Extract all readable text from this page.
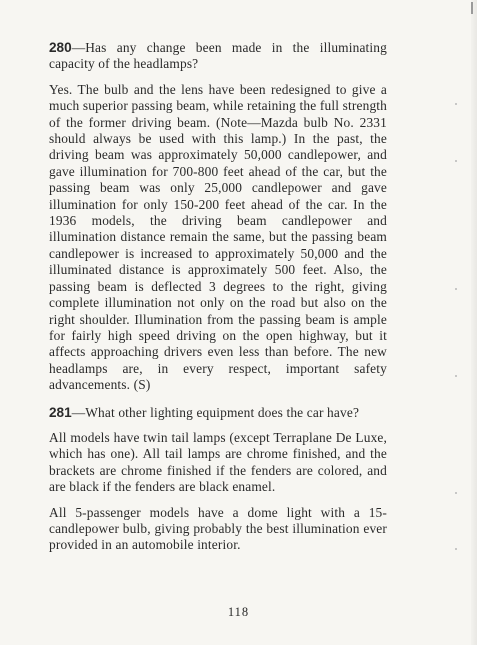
280—Has any change been made in the illuminating capacity of the headlamps?

Yes. The bulb and the lens have been redesigned to give a much superior passing beam, while retaining the full strength of the former driving beam. (Note—Mazda bulb No. 2331 should always be used with this lamp.) In the past, the driving beam was approximately 50,000 candlepower, and gave illumination for 700-800 feet ahead of the car, but the passing beam was only 25,000 candlepower and gave illumination for only 150-200 feet ahead of the car. In the 1936 models, the driving beam candlepower and illumination distance remain the same, but the passing beam candlepower is increased to approximately 50,000 and the illuminated distance is approximately 500 feet. Also, the passing beam is deflected 3 degrees to the right, giving complete illumination not only on the road but also on the right shoulder. Illumination from the passing beam is ample for fairly high speed driving on the open highway, but it affects approaching drivers even less than before. The new headlamps are, in every respect, important safety advancements. (S)

281—What other lighting equipment does the car have?

All models have twin tail lamps (except Terraplane De Luxe, which has one). All tail lamps are chrome finished, and the brackets are chrome finished if the fenders are colored, and are black if the fenders are black enamel.

All 5-passenger models have a dome light with a 15-candlepower bulb, giving probably the best illumination ever provided in an automobile interior.

118
